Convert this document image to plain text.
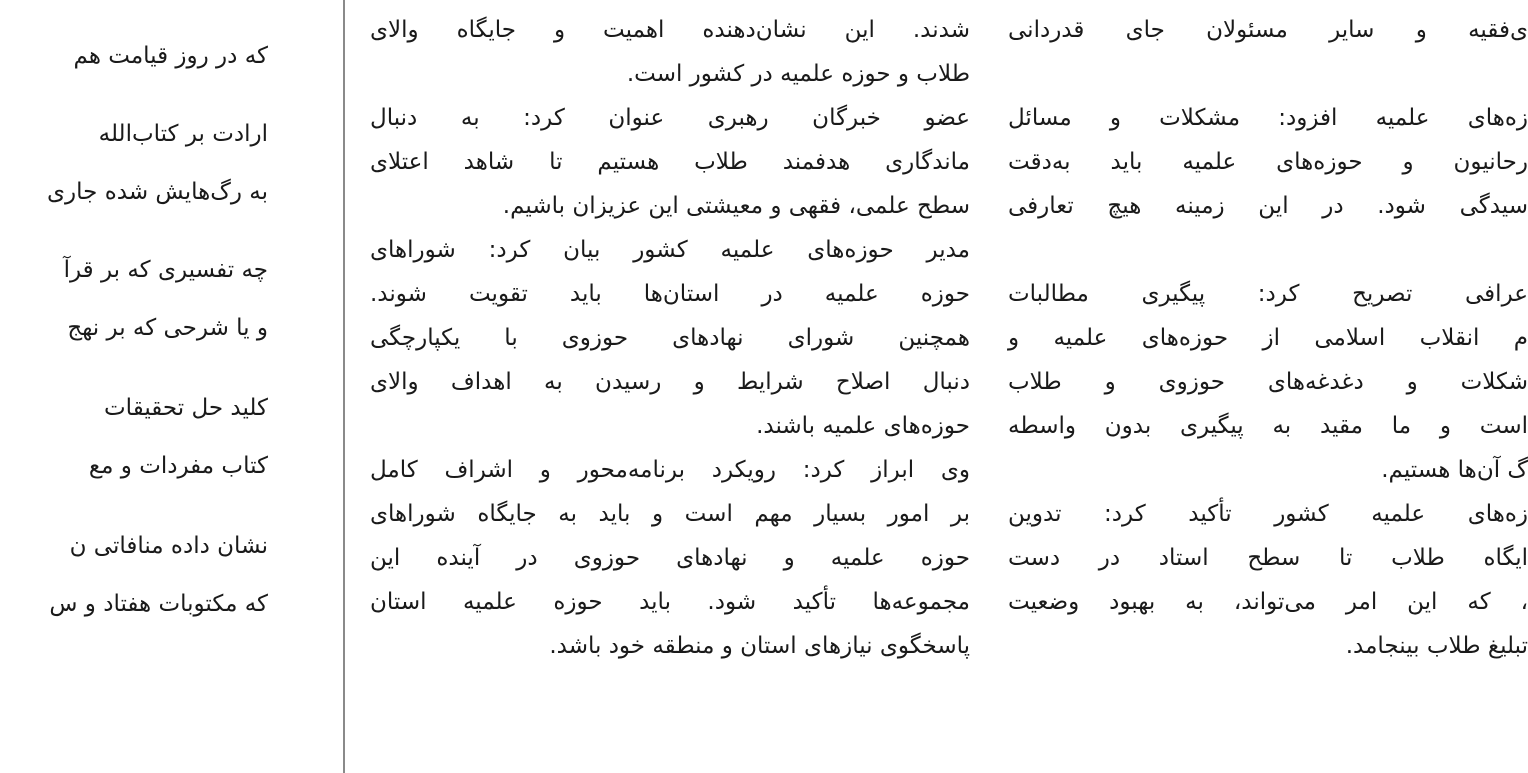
که در روز قیامت هم
ارادت بر کتاب‌الله
به رگ‌هایش شده جاری
چه تفسیری که بر قرآ
و یا شرحی که بر نهج
کلید حل تحقیقات
کتاب مفردات و مع
نشان داده منافاتی ن
که مکتوبات هفتاد و س
شدند. این نشان‌دهنده اهمیت و جایگاه والای
طلاب و حوزه علمیه در کشور است.
عضو خبرگان رهبری عنوان کرد: به دنبال
ماندگاری هدفمند طلاب هستیم تا شاهد اعتلای
سطح علمی، فقهی و معیشتی این عزیزان باشیم.
مدیر حوزه‌های علمیه کشور بیان کرد: شوراهای
حوزه علمیه در استان‌ها باید تقویت شوند.
همچنین شورای نهادهای حوزوی با یکپارچگی
دنبال اصلاح شرایط و رسیدن به اهداف والای
حوزه‌های علمیه باشند.
وی ابراز کرد: رویکرد برنامه‌محور و اشراف کامل
بر امور بسیار مهم است و باید به جایگاه شوراهای
حوزه علمیه و نهادهای حوزوی در آینده این
مجموعه‌ها تأکید شود. باید حوزه علمیه استان
پاسخگوی نیازهای استان و منطقه خود باشد.
ی‌فقیه و سایر مسئولان جای قدردانی
زه‌های علمیه افزود: مشکلات و مسائل
رحانیون و حوزه‌های علمیه باید به‌دقت
سیدگی شود. در این زمینه هیچ تعارفی
عرافی تصریح کرد: پیگیری مطالبات
م انقلاب اسلامی از حوزه‌های علمیه و
شکلات و دغدغه‌های حوزوی و طلاب
است و ما مقید به پیگیری بدون واسطه
گ آن‌ها هستیم.
زه‌های علمیه کشور تأکید کرد: تدوین
ایگاه طلاب تا سطح استاد در دست
، که این امر می‌تواند، به بهبود وضعیت
تبلیغ طلاب بینجامد.
